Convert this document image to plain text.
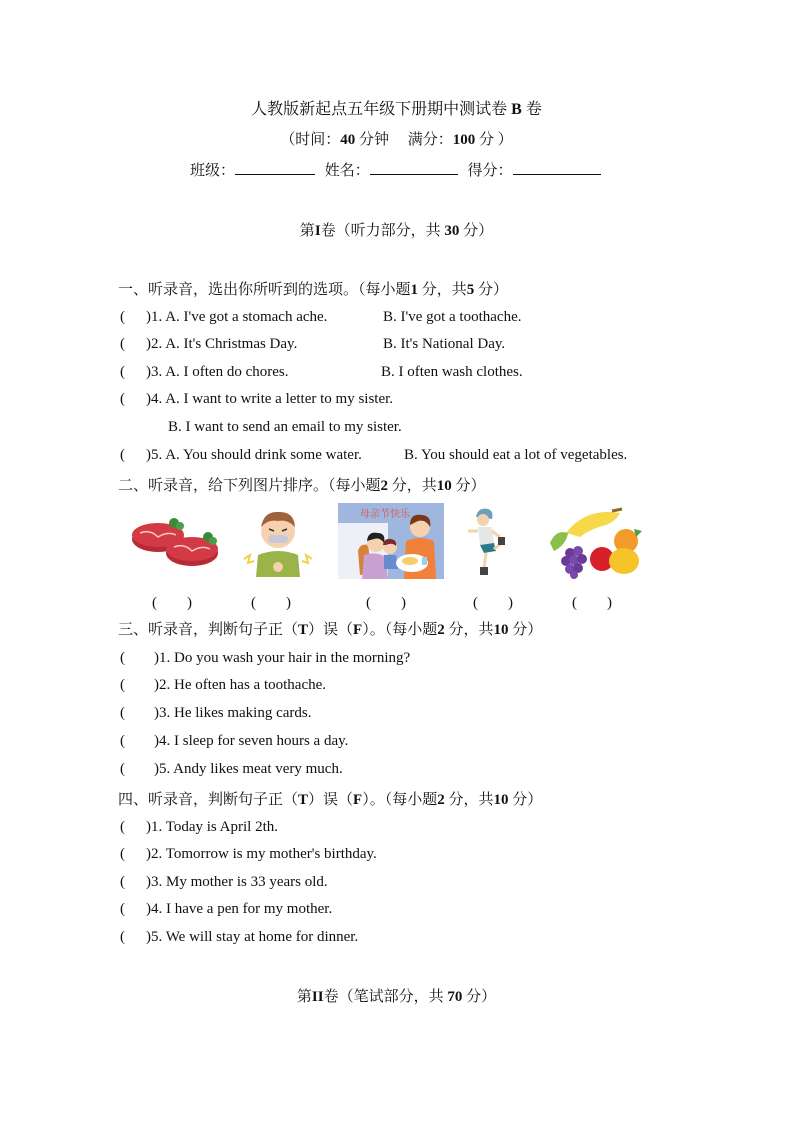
人教版新起点五年级下册期中测试卷 B 卷
（时间：40 分钟　 满分：100 分 ）
班级：	姓名：	得分：
第I卷（听力部分，共 30 分）
一、听录音，选出你所听到的选项。（每小题1 分，共5 分）
( )1. A. I've got a stomach ache.	B. I've got a toothache.
( )2. A. It's Christmas Day.	B. It's National Day.
( )3. A. I often do chores.	B. I often wash clothes.
( )4. A. I want to write a letter to my sister.
B. I want to send an email to my sister.
( )5. A. You should drink some water.	B. You should eat a lot of vegetables.
二、听录音，给下列图片排序。（每小题2 分，共10 分）
母亲节快乐
(　　)	(　　)	(　　)	(　　)	(　　)
三、听录音，判断句子正（T）误（F）。（每小题2 分，共10 分）
( )1. Do you wash your hair in the morning?
( )2. He often has a toothache.
( )3. He likes making cards.
( )4. I sleep for seven hours a day.
( )5. Andy likes meat very much.
四、听录音，判断句子正（T）误（F）。（每小题2 分，共10 分）
( )1. Today is April 2th.
( )2. Tomorrow is my mother's birthday.
( )3. My mother is 33 years old.
( )4. I have a pen for my mother.
( )5. We will stay at home for dinner.
第II卷（笔试部分，共 70 分）
